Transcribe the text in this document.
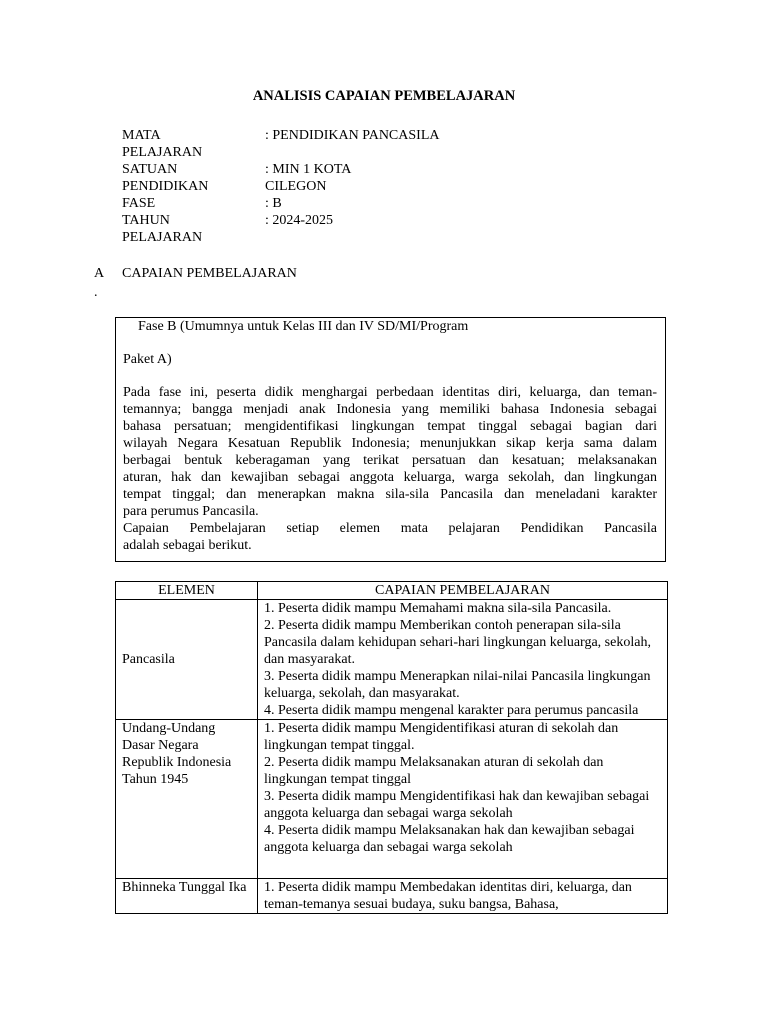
ANALISIS CAPAIAN PEMBELAJARAN
MATA PELAJARAN
: PENDIDIKAN PANCASILA
SATUAN PENDIDIKAN
: MIN 1 KOTA CILEGON
FASE	: B
TAHUN PELAJARAN
: 2024-2025
A
.
CAPAIAN PEMBELAJARAN

Fase B (Umumnya untuk Kelas III dan IV SD/MI/Program

Paket A)

Pada fase ini, peserta didik menghargai perbedaan identitas diri, keluarga, dan teman-

temannya; bangga menjadi anak Indonesia yang memiliki bahasa Indonesia sebagai

bahasa persatuan; mengidentifikasi lingkungan tempat tinggal sebagai bagian dari

wilayah Negara Kesatuan Republik Indonesia; menunjukkan sikap kerja sama dalam

berbagai bentuk keberagaman yang terikat persatuan dan kesatuan; melaksanakan

aturan, hak dan kewajiban sebagai anggota keluarga, warga sekolah, dan lingkungan

tempat tinggal; dan menerapkan makna sila-sila Pancasila dan meneladani karakter

para perumus Pancasila.

Capaian Pembelajaran setiap elemen mata pelajaran Pendidikan Pancasila

adalah sebagai berikut.

ELEMEN	CAPAIAN PEMBELAJARAN
Pancasila	1. Peserta didik mampu Memahami makna sila-sila Pancasila.
2. Peserta didik mampu Memberikan contoh penerapan sila-sila Pancasila dalam kehidupan sehari-hari lingkungan keluarga, sekolah, dan masyarakat.
3. Peserta didik mampu Menerapkan nilai-nilai Pancasila lingkungan keluarga, sekolah, dan masyarakat.
4. Peserta didik mampu mengenal karakter para perumus pancasila

Undang-Undang Dasar Negara Republik Indonesia Tahun 1945	1. Peserta didik mampu Mengidentifikasi aturan di sekolah dan lingkungan tempat tinggal.
2. Peserta didik mampu Melaksanakan aturan di sekolah dan lingkungan tempat tinggal
3. Peserta didik mampu Mengidentifikasi hak dan kewajiban sebagai anggota keluarga dan sebagai warga sekolah
4. Peserta didik mampu Melaksanakan hak dan kewajiban sebagai anggota keluarga dan sebagai warga sekolah

Bhinneka Tunggal Ika	1. Peserta didik mampu Membedakan identitas diri, keluarga, dan teman-temanya sesuai budaya, suku bangsa, Bahasa,
